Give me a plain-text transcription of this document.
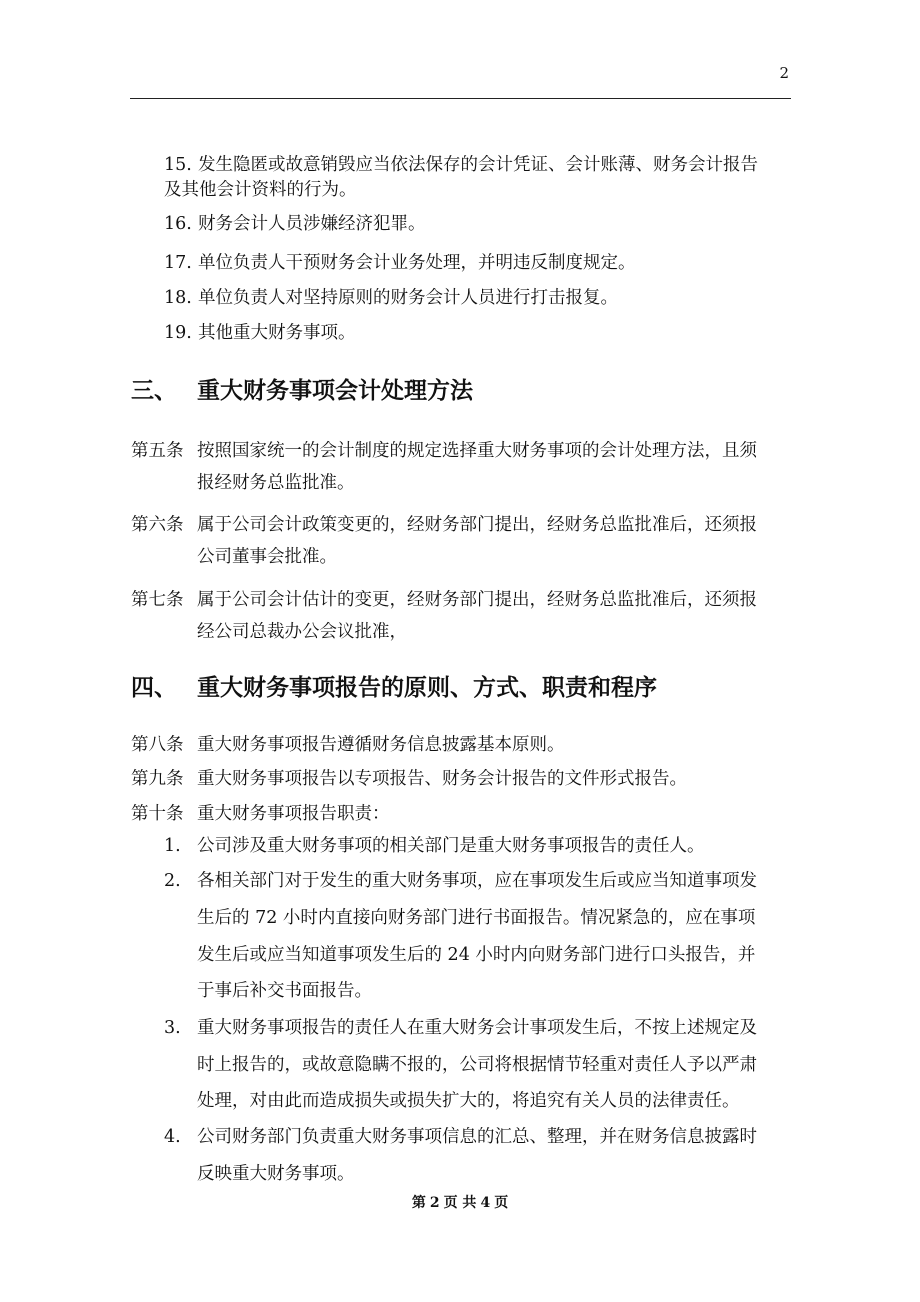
2
15. 发生隐匿或故意销毁应当依法保存的会计凭证、会计账薄、财务会计报告
及其他会计资料的行为。
16. 财务会计人员涉嫌经济犯罪。
17. 单位负责人干预财务会计业务处理，并明违反制度规定。
18. 单位负责人对坚持原则的财务会计人员进行打击报复。
19. 其他重大财务事项。
三、 重大财务事项会计处理方法
第五条 按照国家统一的会计制度的规定选择重大财务事项的会计处理方法，且须
报经财务总监批准。
第六条 属于公司会计政策变更的，经财务部门提出，经财务总监批准后，还须报
公司董事会批准。
第七条 属于公司会计估计的变更，经财务部门提出，经财务总监批准后，还须报
经公司总裁办公会议批准，
四、 重大财务事项报告的原则、方式、职责和程序
第八条 重大财务事项报告遵循财务信息披露基本原则。
第九条 重大财务事项报告以专项报告、财务会计报告的文件形式报告。
第十条 重大财务事项报告职责：
1. 公司涉及重大财务事项的相关部门是重大财务事项报告的责任人。
2. 各相关部门对于发生的重大财务事项，应在事项发生后或应当知道事项发
生后的 72 小时内直接向财务部门进行书面报告。情况紧急的，应在事项
发生后或应当知道事项发生后的 24 小时内向财务部门进行口头报告，并
于事后补交书面报告。
3. 重大财务事项报告的责任人在重大财务会计事项发生后，不按上述规定及
时上报告的，或故意隐瞒不报的，公司将根据情节轻重对责任人予以严肃
处理，对由此而造成损失或损失扩大的，将追究有关人员的法律责任。
4. 公司财务部门负责重大财务事项信息的汇总、整理，并在财务信息披露时
反映重大财务事项。
第 2 页 共 4 页
